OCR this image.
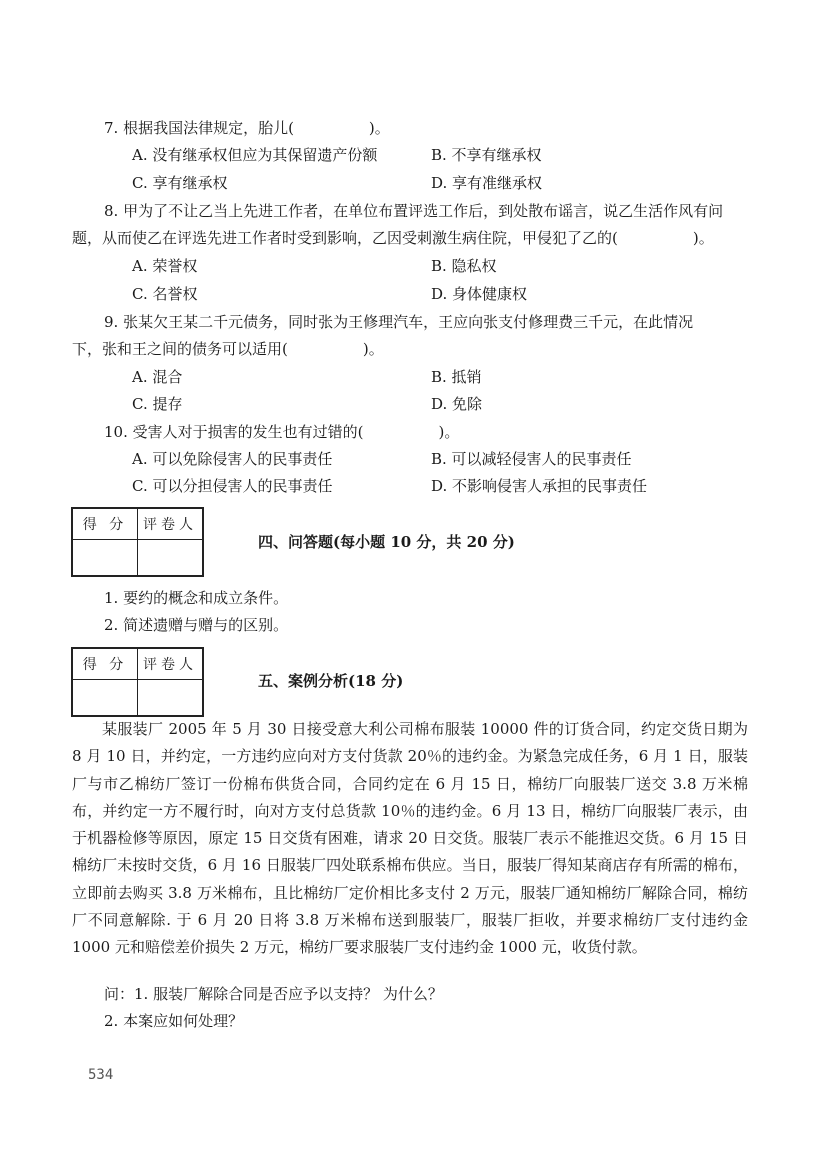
7. 根据我国法律规定，胎儿(　　　　　)。
A. 没有继承权但应为其保留遗产份额	B. 不享有继承权
C. 享有继承权	D. 享有准继承权
8. 甲为了不让乙当上先进工作者，在单位布置评选工作后，到处散布谣言，说乙生活作风有问
题，从而使乙在评选先进工作者时受到影响，乙因受刺激生病住院，甲侵犯了乙的(　　　　　)。
A. 荣誉权	B. 隐私权
C. 名誉权	D. 身体健康权
9. 张某欠王某二千元债务，同时张为王修理汽车，王应向张支付修理费三千元，在此情况
下，张和王之间的债务可以适用(　　　　　)。
A. 混合	B. 抵销
C. 提存	D. 免除
10. 受害人对于损害的发生也有过错的(　　　　　)。
A. 可以免除侵害人的民事责任	B. 可以减轻侵害人的民事责任
C. 可以分担侵害人的民事责任	D. 不影响侵害人承担的民事责任
得 分	评卷人

四、问答题(每小题 10 分，共 20 分)
1. 要约的概念和成立条件。
2. 简述遗赠与赠与的区别。
得 分	评卷人

五、案例分析(18 分)
某服装厂 2005 年 5 月 30 日接受意大利公司棉布服装 10000 件的订货合同，约定交货日期为 8 月 10 日，并约定，一方违约应向对方支付货款 20％的违约金。为紧急完成任务，6 月 1 日，服装厂与市乙棉纺厂签订一份棉布供货合同，合同约定在 6 月 15 日，棉纺厂向服装厂送交 3.8 万米棉布，并约定一方不履行时，向对方支付总货款 10％的违约金。6 月 13 日，棉纺厂向服装厂表示，由于机器检修等原因，原定 15 日交货有困难，请求 20 日交货。服装厂表示不能推迟交货。6 月 15 日棉纺厂未按时交货，6 月 16 日服装厂四处联系棉布供应。当日，服装厂得知某商店存有所需的棉布，立即前去购买 3.8 万米棉布，且比棉纺厂定价相比多支付 2 万元，服装厂通知棉纺厂解除合同，棉纺厂不同意解除. 于 6 月 20 日将 3.8 万米棉布送到服装厂，服装厂拒收，并要求棉纺厂支付违约金 1000 元和赔偿差价损失 2 万元，棉纺厂要求服装厂支付违约金 1000 元，收货付款。
问：1. 服装厂解除合同是否应予以支持？ 为什么？
2. 本案应如何处理？
534
